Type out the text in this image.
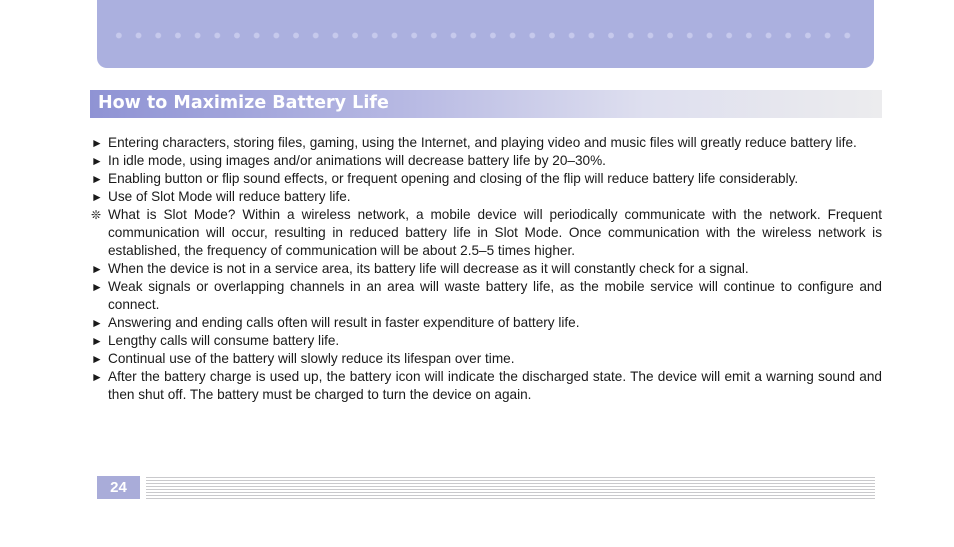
How to Maximize Battery Life
► Entering characters, storing files, gaming, using the Internet, and playing video and music files will greatly reduce battery life.
► In idle mode, using images and/or animations will decrease battery life by 20–30%.
► Enabling button or flip sound effects, or frequent opening and closing of the flip will reduce battery life considerably.
► Use of Slot Mode will reduce battery life.
❊ What is Slot Mode? Within a wireless network, a mobile device will periodically communicate with the network. Frequent communication will occur, resulting in reduced battery life in Slot Mode. Once communication with the wireless network is established, the frequency of communication will be about 2.5–5 times higher.
► When the device is not in a service area, its battery life will decrease as it will constantly check for a signal.
► Weak signals or overlapping channels in an area will waste battery life, as the mobile service will continue to configure and connect.
► Answering and ending calls often will result in faster expenditure of battery life.
► Lengthy calls will consume battery life.
► Continual use of the battery will slowly reduce its lifespan over time.
► After the battery charge is used up, the battery icon will indicate the discharged state. The device will emit a warning sound and then shut off. The battery must be charged to turn the device on again.
24
